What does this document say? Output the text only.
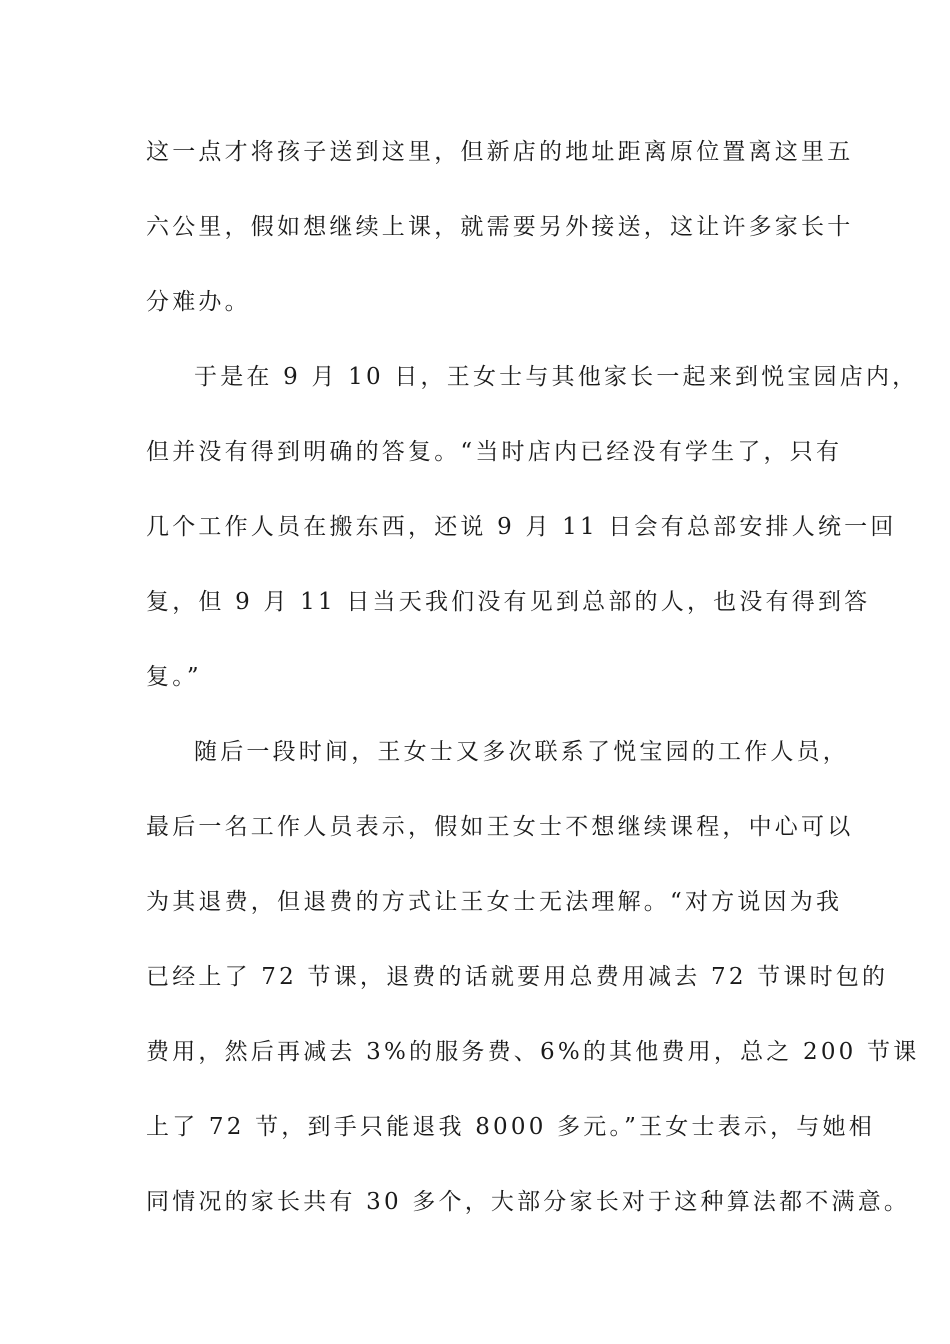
这一点才将孩子送到这里，但新店的地址距离原位置离这里五

六公里，假如想继续上课，就需要另外接送，这让许多家长十

分难办。

于是在 9 月 10 日，王女士与其他家长一起来到悦宝园店内，

但并没有得到明确的答复。“当时店内已经没有学生了，只有

几个工作人员在搬东西，还说 9 月 11 日会有总部安排人统一回

复，但 9 月 11 日当天我们没有见到总部的人，也没有得到答

复。”

随后一段时间，王女士又多次联系了悦宝园的工作人员，

最后一名工作人员表示，假如王女士不想继续课程，中心可以

为其退费，但退费的方式让王女士无法理解。“对方说因为我

已经上了 72 节课，退费的话就要用总费用减去 72 节课时包的

费用，然后再减去 3%的服务费、6%的其他费用，总之 200 节课

上了 72 节，到手只能退我 8000 多元。”王女士表示，与她相

同情况的家长共有 30 多个，大部分家长对于这种算法都不满意。
